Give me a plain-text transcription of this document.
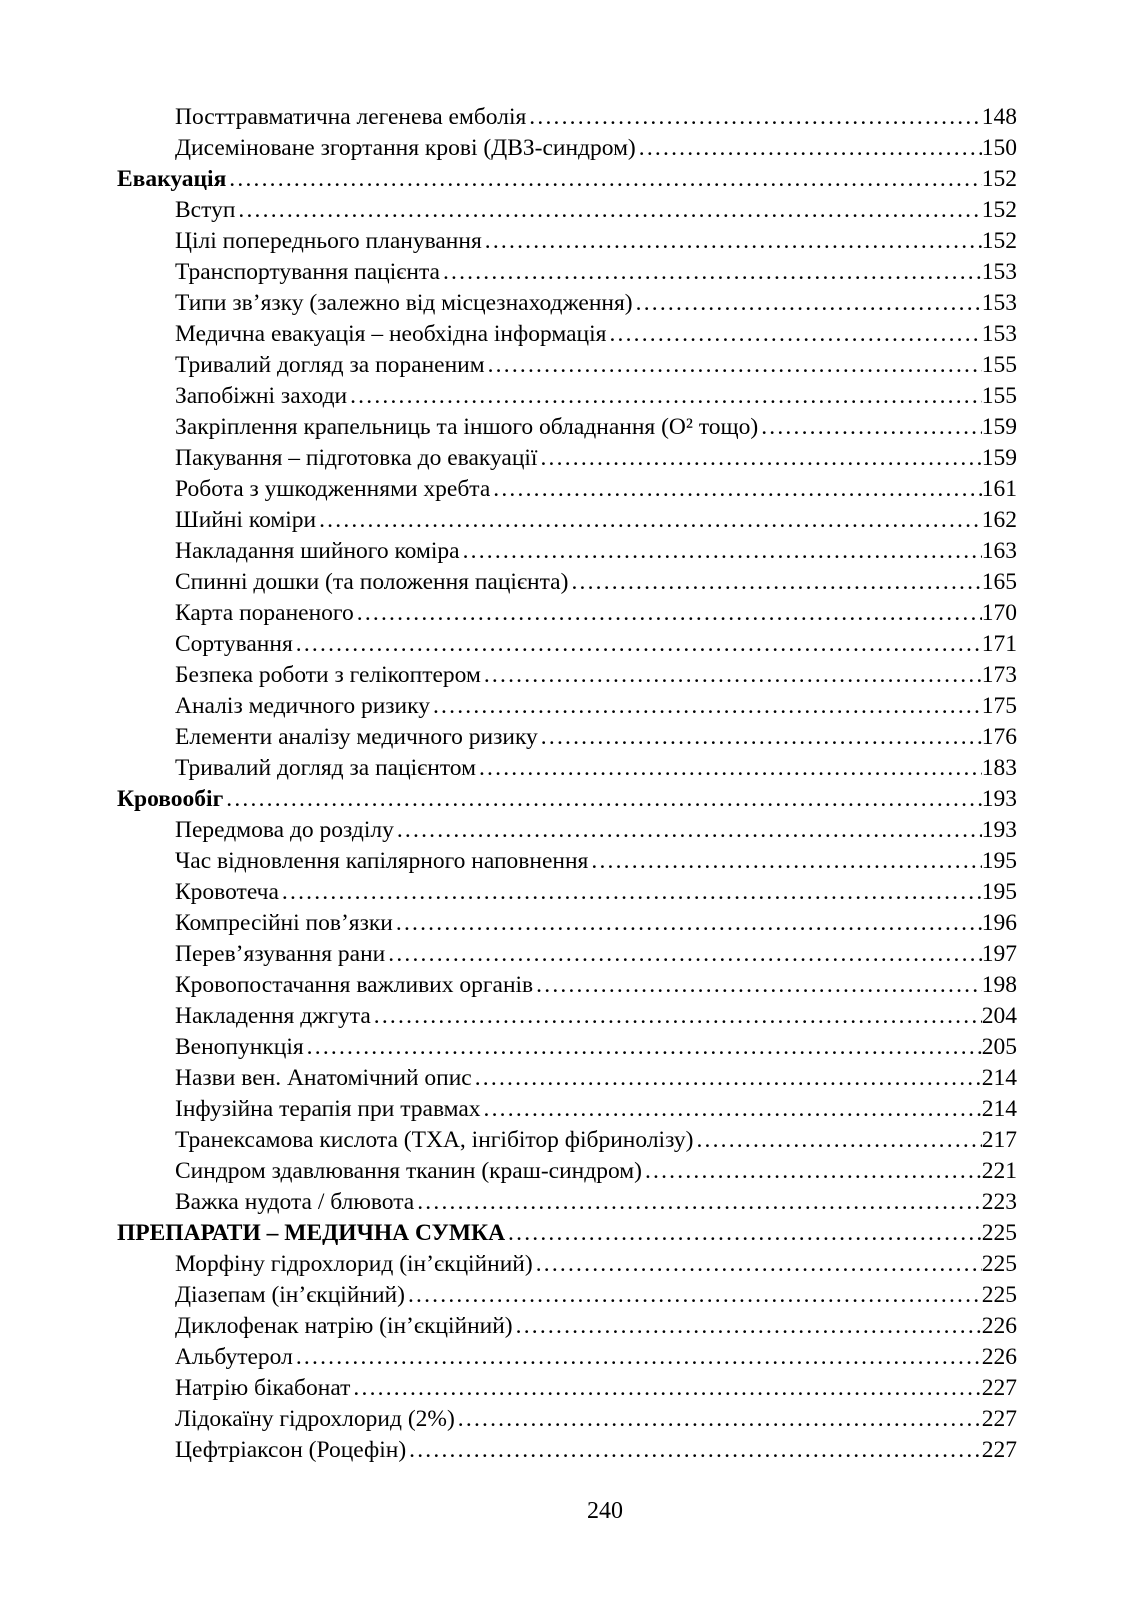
Посттравматична легенева емболія .....	148
Дисеміноване згортання крові (ДВЗ-синдром) .....	150
Евакуація .....	152
Вступ .....	152
Цілі попереднього планування .....	152
Транспортування пацієнта .....	153
Типи зв’язку (залежно від місцезнаходження) .....	153
Медична евакуація – необхідна інформація .....	153
Тривалий догляд за пораненим .....	155
Запобіжні заходи .....	155
Закріплення крапельниць та іншого обладнання (О² тощо) .....	159
Пакування – підготовка до евакуації .....	159
Робота з ушкодженнями хребта .....	161
Шийні коміри .....	162
Накладання шийного коміра .....	163
Спинні дошки (та положення пацієнта) .....	165
Карта пораненого .....	170
Сортування .....	171
Безпека роботи з гелікоптером .....	173
Аналіз медичного ризику .....	175
Елементи аналізу медичного ризику .....	176
Тривалий догляд за пацієнтом .....	183
Кровообіг .....	193
Передмова до розділу .....	193
Час відновлення капілярного наповнення .....	195
Кровотеча .....	195
Компресійні пов’язки .....	196
Перев’язування рани .....	197
Кровопостачання важливих органів .....	198
Накладення джгута .....	204
Венопункція .....	205
Назви вен. Анатомічний опис .....	214
Інфузійна терапія при травмах .....	214
Транексамова кислота (ТХА, інгібітор фібринолізу) .....	217
Синдром здавлювання тканин (краш-синдром) .....	221
Важка нудота / блювота .....	223
ПРЕПАРАТИ – МЕДИЧНА СУМКА .....	225
Морфіну гідрохлорид (ін’єкційний) .....	225
Діазепам (ін’єкційний) .....	225
Диклофенак натрію (ін’єкційний) .....	226
Альбутерол .....	226
Натрію бікабонат .....	227
Лідокаїну гідрохлорид (2%) .....	227
Цефтріаксон (Роцефін) .....	227
240
